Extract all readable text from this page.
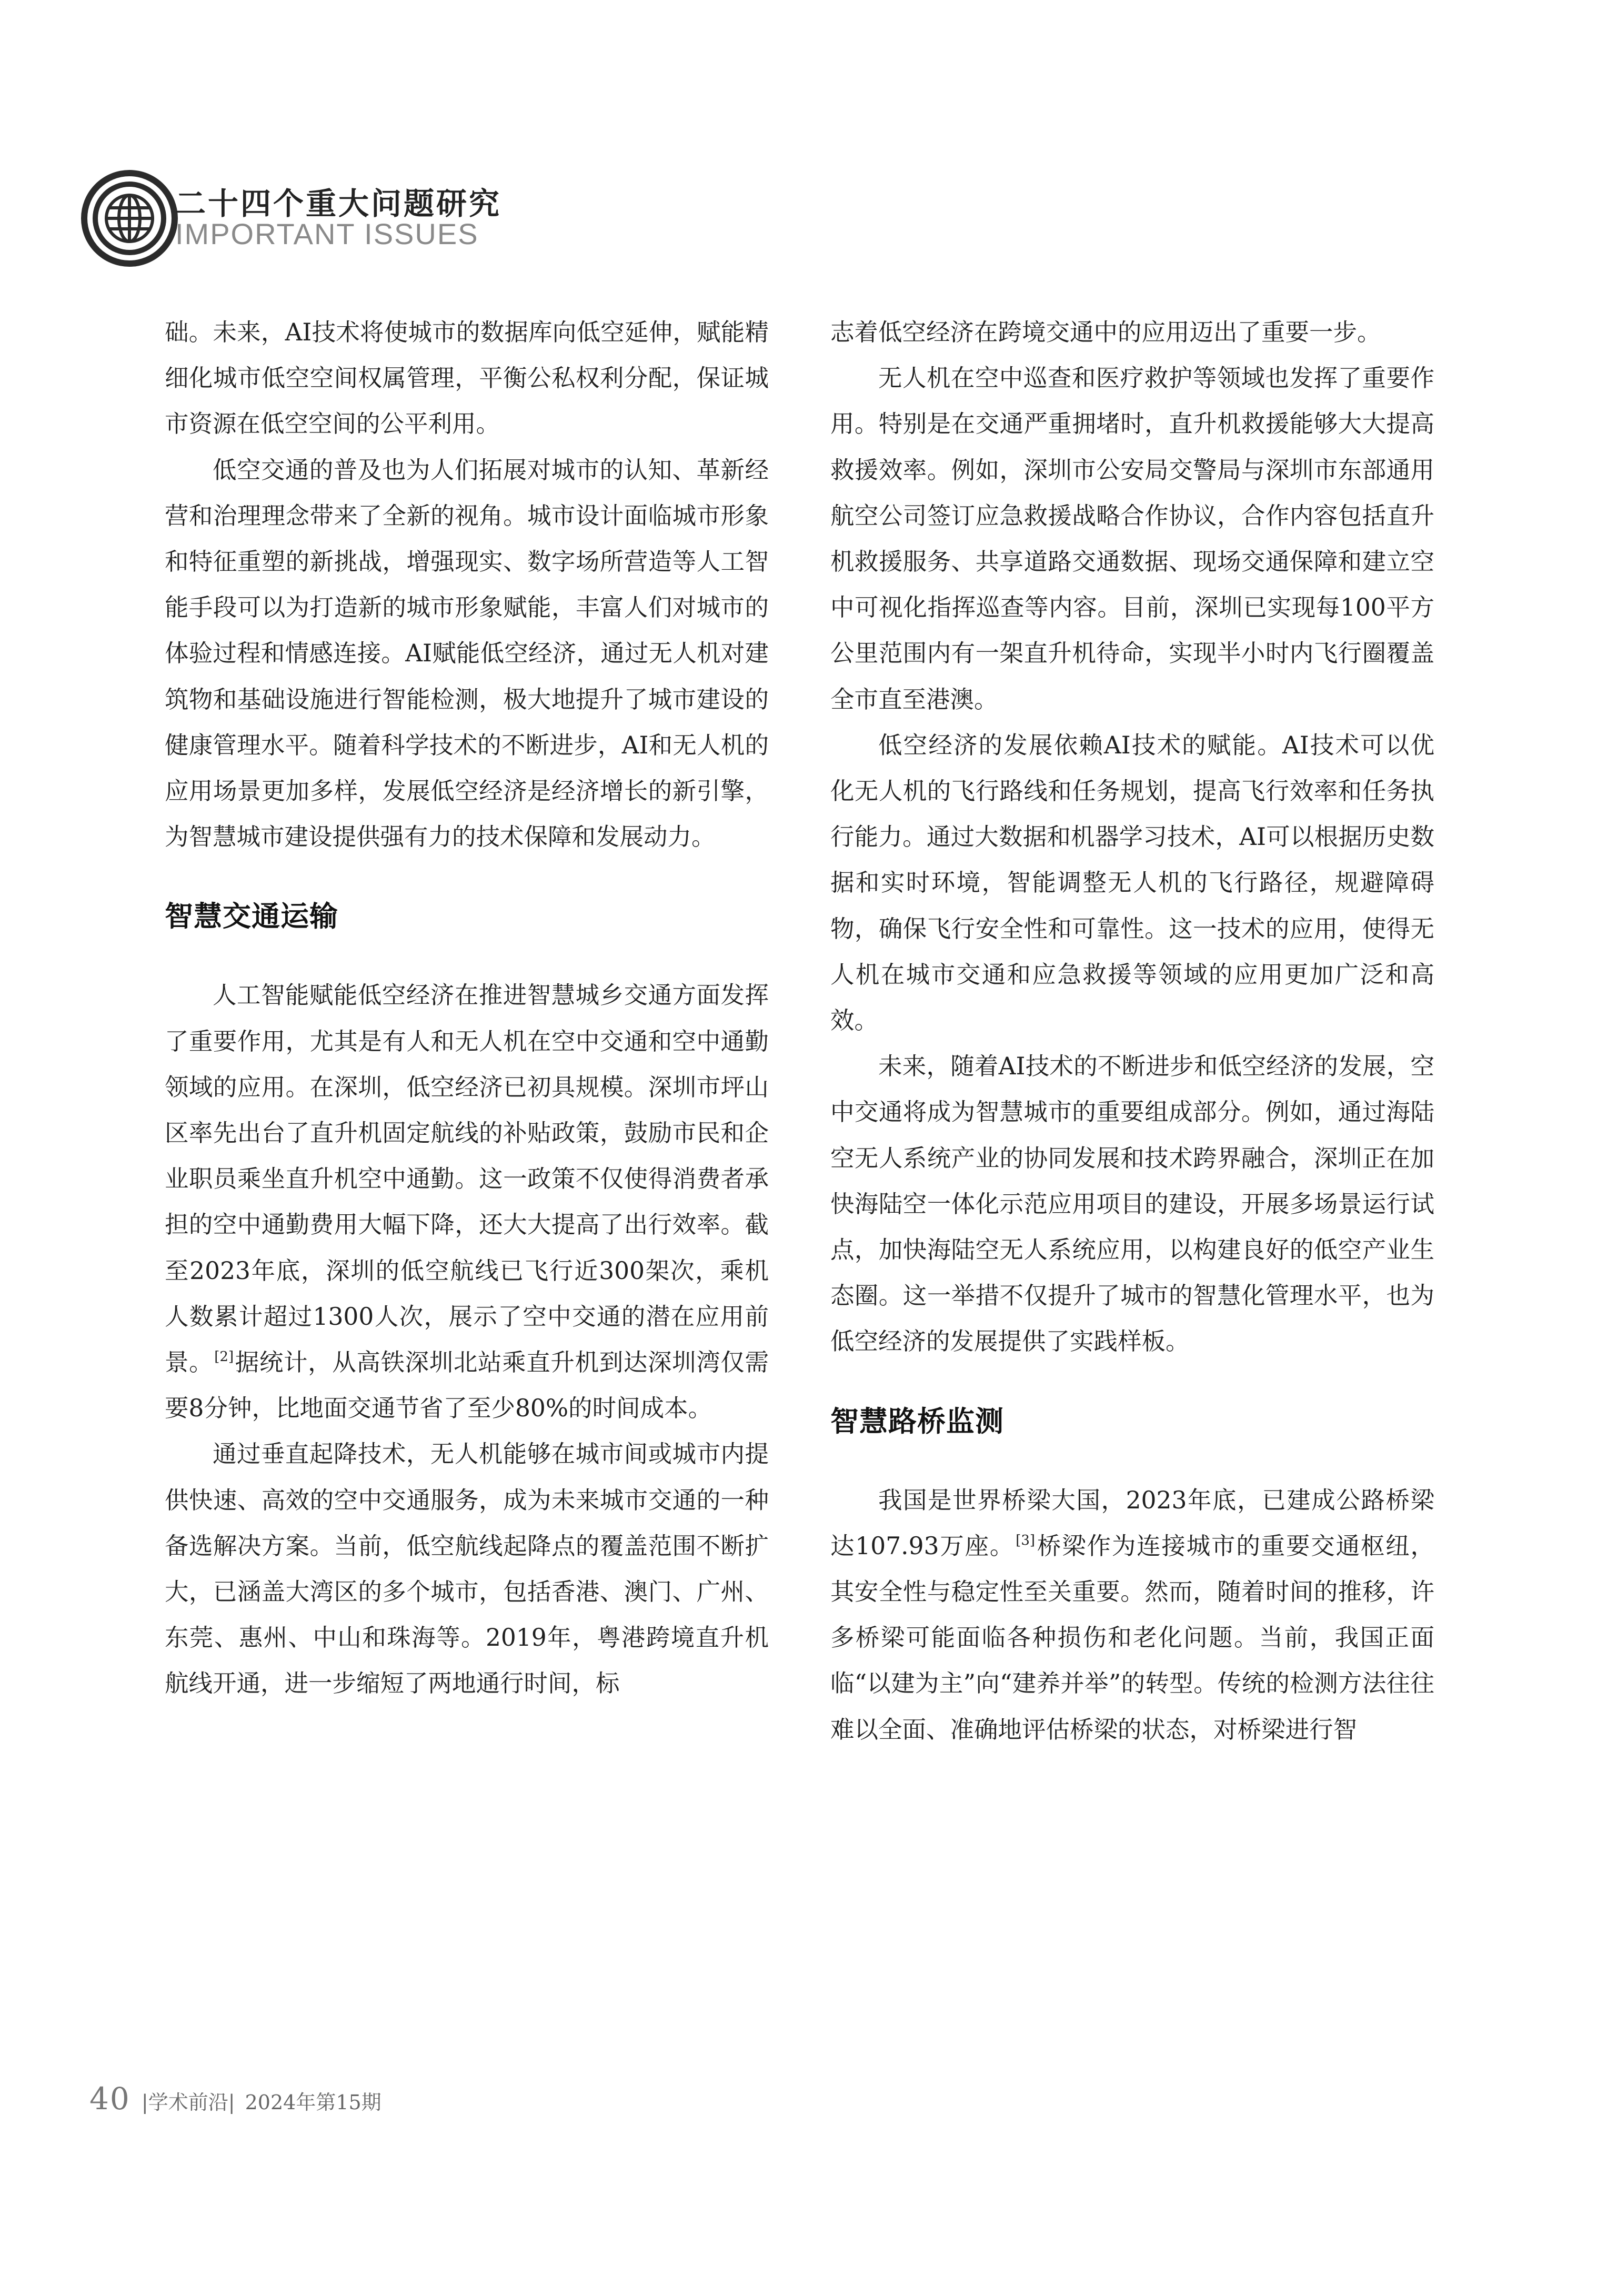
二十四个重大问题研究
IMPORTANT ISSUES

础。未来，AI技术将使城市的数据库向低空延伸，赋能精细化城市低空空间权属管理，平衡公私权利分配，保证城市资源在低空空间的公平利用。

低空交通的普及也为人们拓展对城市的认知、革新经营和治理理念带来了全新的视角。城市设计面临城市形象和特征重塑的新挑战，增强现实、数字场所营造等人工智能手段可以为打造新的城市形象赋能，丰富人们对城市的体验过程和情感连接。AI赋能低空经济，通过无人机对建筑物和基础设施进行智能检测，极大地提升了城市建设的健康管理水平。随着科学技术的不断进步，AI和无人机的应用场景更加多样，发展低空经济是经济增长的新引擎，为智慧城市建设提供强有力的技术保障和发展动力。

智慧交通运输

人工智能赋能低空经济在推进智慧城乡交通方面发挥了重要作用，尤其是有人和无人机在空中交通和空中通勤领域的应用。在深圳，低空经济已初具规模。深圳市坪山区率先出台了直升机固定航线的补贴政策，鼓励市民和企业职员乘坐直升机空中通勤。这一政策不仅使得消费者承担的空中通勤费用大幅下降，还大大提高了出行效率。截至2023年底，深圳的低空航线已飞行近300架次，乘机人数累计超过1300人次，展示了空中交通的潜在应用前景。[2]据统计，从高铁深圳北站乘直升机到达深圳湾仅需要8分钟，比地面交通节省了至少80%的时间成本。

通过垂直起降技术，无人机能够在城市间或城市内提供快速、高效的空中交通服务，成为未来城市交通的一种备选解决方案。当前，低空航线起降点的覆盖范围不断扩大，已涵盖大湾区的多个城市，包括香港、澳门、广州、东莞、惠州、中山和珠海等。2019年，粤港跨境直升机航线开通，进一步缩短了两地通行时间，标

志着低空经济在跨境交通中的应用迈出了重要一步。

无人机在空中巡查和医疗救护等领域也发挥了重要作用。特别是在交通严重拥堵时，直升机救援能够大大提高救援效率。例如，深圳市公安局交警局与深圳市东部通用航空公司签订应急救援战略合作协议，合作内容包括直升机救援服务、共享道路交通数据、现场交通保障和建立空中可视化指挥巡查等内容。目前，深圳已实现每100平方公里范围内有一架直升机待命，实现半小时内飞行圈覆盖全市直至港澳。

低空经济的发展依赖AI技术的赋能。AI技术可以优化无人机的飞行路线和任务规划，提高飞行效率和任务执行能力。通过大数据和机器学习技术，AI可以根据历史数据和实时环境，智能调整无人机的飞行路径，规避障碍物，确保飞行安全性和可靠性。这一技术的应用，使得无人机在城市交通和应急救援等领域的应用更加广泛和高效。

未来，随着AI技术的不断进步和低空经济的发展，空中交通将成为智慧城市的重要组成部分。例如，通过海陆空无人系统产业的协同发展和技术跨界融合，深圳正在加快海陆空一体化示范应用项目的建设，开展多场景运行试点，加快海陆空无人系统应用，以构建良好的低空产业生态圈。这一举措不仅提升了城市的智慧化管理水平，也为低空经济的发展提供了实践样板。

智慧路桥监测

我国是世界桥梁大国，2023年底，已建成公路桥梁达107.93万座。[3]桥梁作为连接城市的重要交通枢纽，其安全性与稳定性至关重要。然而，随着时间的推移，许多桥梁可能面临各种损伤和老化问题。当前，我国正面临“以建为主”向“建养并举”的转型。传统的检测方法往往难以全面、准确地评估桥梁的状态，对桥梁进行智

40 |学术前沿| 2024年第15期
